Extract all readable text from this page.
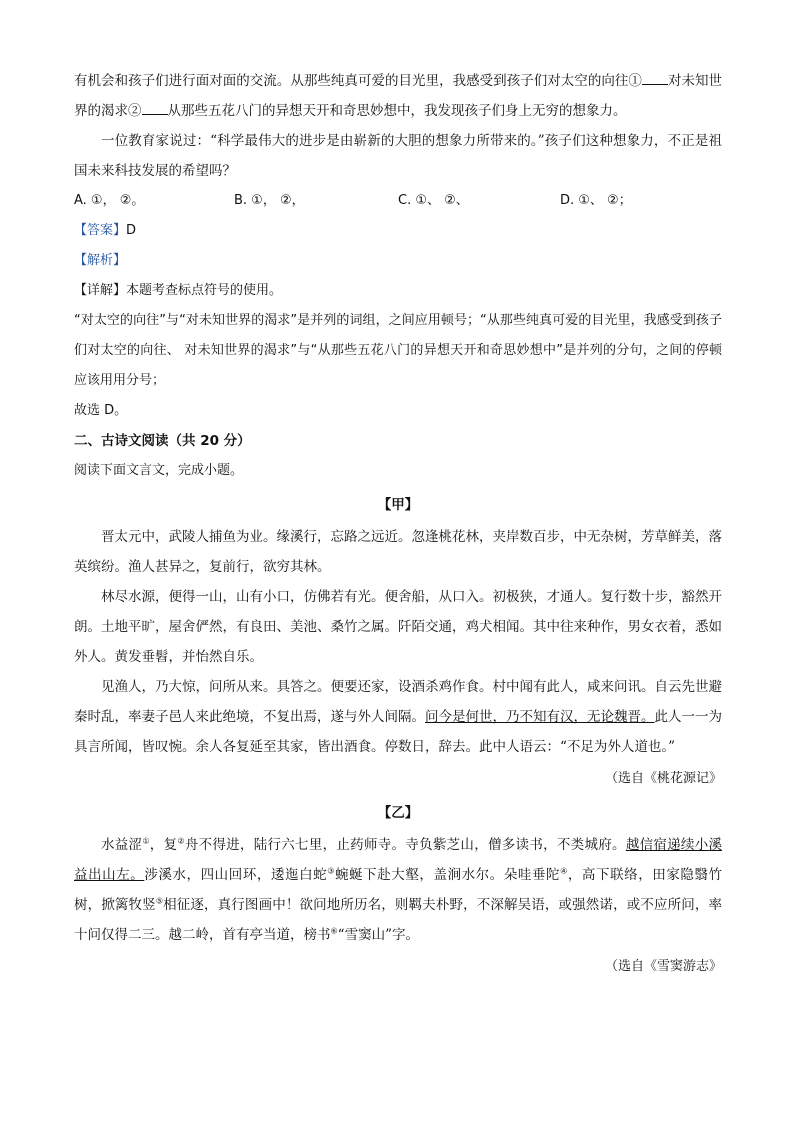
有机会和孩子们进行面对面的交流。从那些纯真可爱的目光里，我感受到孩子们对太空的向往① 对未知世界的渴求② 从那些五花八门的异想天开和奇思妙想中，我发现孩子们身上无穷的想象力。

一位教育家说过：“科学最伟大的进步是由崭新的大胆的想象力所带来的。”孩子们这种想象力，不正是祖国未来科技发展的希望吗？

A. ①， ②。	B. ①， ②，	C. ①、 ②、	D. ①、 ②；
【答案】D
【解析】

【详解】本题考查标点符号的使用。

“对太空的向往”与“对未知世界的渴求”是并列的词组，之间应用顿号；“从那些纯真可爱的目光里，我感受到孩子们对太空的向往、 对未知世界的渴求”与“从那些五花八门的异想天开和奇思妙想中”是并列的分句，之间的停顿应该用用分号；

故选 D。

二、古诗文阅读（共 20 分）

阅读下面文言文，完成小题。

【甲】

晋太元中，武陵人捕鱼为业。缘溪行，忘路之远近。忽逢桃花林，夹岸数百步，中无杂树，芳草鲜美，落英缤纷。渔人甚异之，复前行，欲穷其林。

林尽水源，便得一山，山有小口，仿佛若有光。便舍船，从口入。初极狭，才通人。复行数十步，豁然开朗。土地平旷，屋舍俨然，有良田、美池、桑竹之属。阡陌交通，鸡犬相闻。其中往来种作，男女衣着，悉如外人。黄发垂髫，并怡然自乐。

见渔人，乃大惊，问所从来。具答之。便要还家，设酒杀鸡作食。村中闻有此人，咸来问讯。自云先世避秦时乱，率妻子邑人来此绝境，不复出焉，遂与外人间隔。问今是何世，乃不知有汉，无论魏晋。此人一一为具言所闻，皆叹惋。余人各复延至其家，皆出酒食。停数日，辞去。此中人语云：“不足为外人道也。”

（选自《桃花源记》

【乙】

水益涩①，复②舟不得进，陆行六七里，止药师寺。寺负紫芝山，僧多读书，不类城府。越信宿递续小溪益出山左。涉溪水，四山回环，逶迤白蛇③蜿蜒下赴大壑，盖涧水尔。朵哇垂陀④，高下联络，田家隐翳竹树，掀篱牧竖⑤相征逐，真行图画中！欲问地所历名，则羁夫朴野，不深解吴语，或强然诺，或不应所问，率十问仅得二三。越二岭，首有亭当道，榜书⑥“雪窦山”字。

（选自《雪窦游志》
